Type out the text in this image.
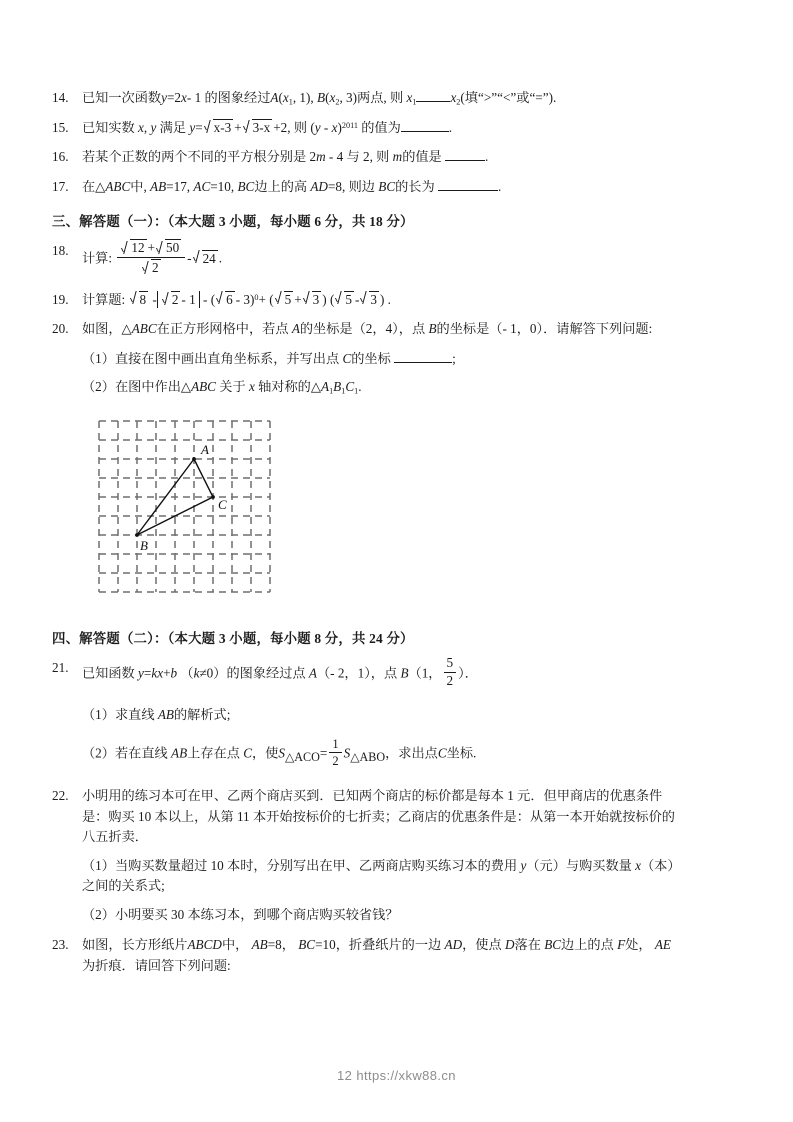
14.	已知一次函数y=2x- 1 的图象经过$A(x_1$, 1), $B(x_2$, 3)两点, 则 $x_1$	$x_2$(填“>”“<”或“=”).
15.	已知实数 x, y 满足 y= x-3 + 3-x +2, 则 (y - x)$^{2011}$ 的值为	.
16.	若某个正数的两个不同的平方根分别是 2m - 4 与 2, 则 m的值是	.
17.	在△ABC中, AB=17, AC=10, BC边上的高 AD=8, 则边 BC的长为	.
三、解答题（一）：（本大题 3 小题，每小题 6 分，共 18 分）
18.	计算: $\frac{12 + 50}{2} - 24$ .
19.	计算题: 8 - 2 - 1 - ( 6 - 3)$^0$+ ( 5 + 3 ) ( 5 - 3 ) .
20.	如图，△ABC在正方形网格中，若点 A的坐标是（2，4），点 B的坐标是（- 1，0）．请解答下列问题:
（1）直接在图中画出直角坐标系，并写出点 C的坐标	;
（2）在图中作出△ABC 关于 x 轴对称的$\triangle A_1B_1C_1$.
A
B
C
四、解答题（二）：（本大题 3 小题，每小题 8 分，共 24 分）
21.	已知函数 y=kx+b （k≠0）的图象经过点 A（- 2，1），点 B（1， $\frac{5}{2}$ ）．
（1）求直线 AB的解析式;
（2）若在直线 AB上存在点 C，使$S_{\triangle ACO}= \frac{1}{2} S_{\triangle ABO}$，求出点C坐标.
22.	小明用的练习本可在甲、乙两个商店买到．已知两个商店的标价都是每本 1 元．但甲商店的优惠条件
是：购买 10 本以上，从第 11 本开始按标价的七折卖；乙商店的优惠条件是：从第一本开始就按标价的
八五折卖．
（1）当购买数量超过 10 本时，分别写出在甲、乙两商店购买练习本的费用 y（元）与购买数量 x（本）
之间的关系式;
（2）小明要买 30 本练习本，到哪个商店购买较省钱？
23.	如图，长方形纸片ABCD中， AB=8， BC=10，折叠纸片的一边 AD，使点 D落在 BC边上的点 F处， AE
为折痕．请回答下列问题:
12 https://xkw88.cn
